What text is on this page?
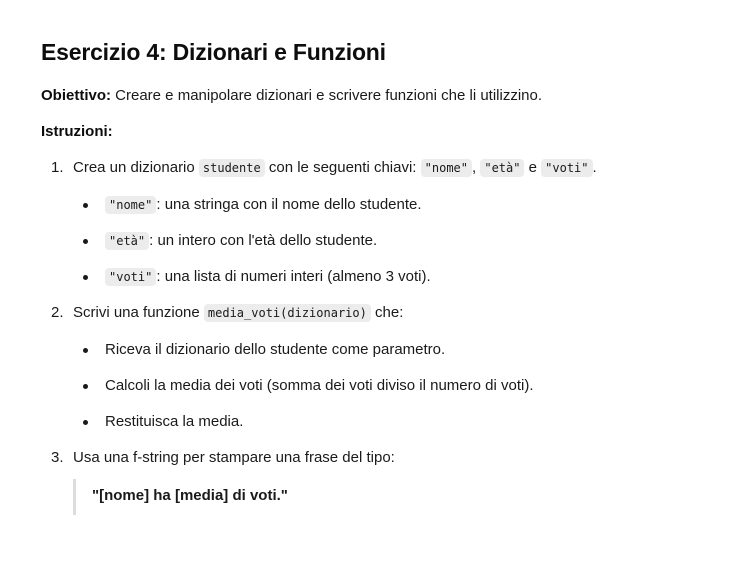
Esercizio 4: Dizionari e Funzioni

Obiettivo: Creare e manipolare dizionari e scrivere funzioni che li utilizzino.

Istruzioni:

1. Crea un dizionario studente con le seguenti chiavi: "nome" , "età" e "voti" .
"nome" : una stringa con il nome dello studente.
"età" : un intero con l'età dello studente.
"voti" : una lista di numeri interi (almeno 3 voti).
2. Scrivi una funzione media_voti(dizionario) che:
Riceva il dizionario dello studente come parametro.
Calcoli la media dei voti (somma dei voti diviso il numero di voti).
Restituisca la media.
3. Usa una f-string per stampare una frase del tipo:
"[nome] ha [media] di voti."
